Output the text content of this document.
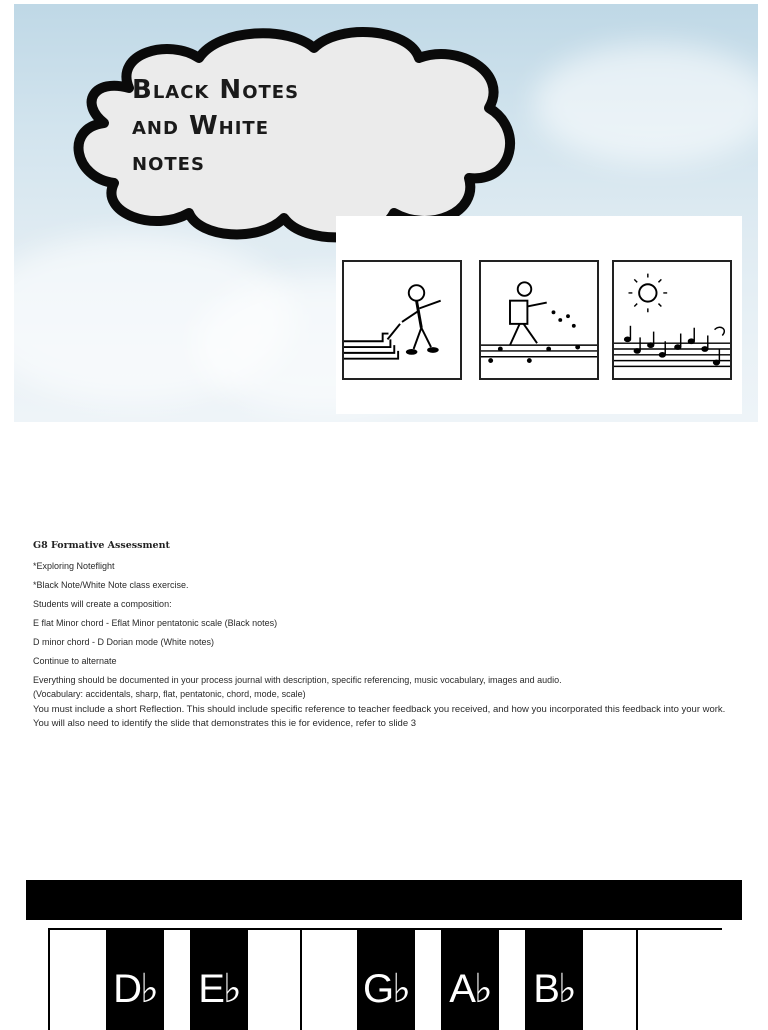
Black Notes
and White
notes

G8 Formative Assessment

*Exploring Noteflight

*Black Note/White Note class exercise.

Students will create a composition:

E flat Minor chord - Eflat Minor pentatonic scale (Black notes)

D minor chord - D Dorian mode (White notes)

Continue to alternate

Everything should be documented in your process journal with description, specific referencing, music vocabulary, images and audio.

(Vocabulary: accidentals, sharp, flat, pentatonic, chord, mode, scale)

You must include a short Reflection. This should include specific reference to teacher feedback you received, and how you incorporated this feedback into your work. You will also need to identify the slide that demonstrates this ie for evidence, refer to slide 3

D♭ E♭	G♭ A♭ B♭
